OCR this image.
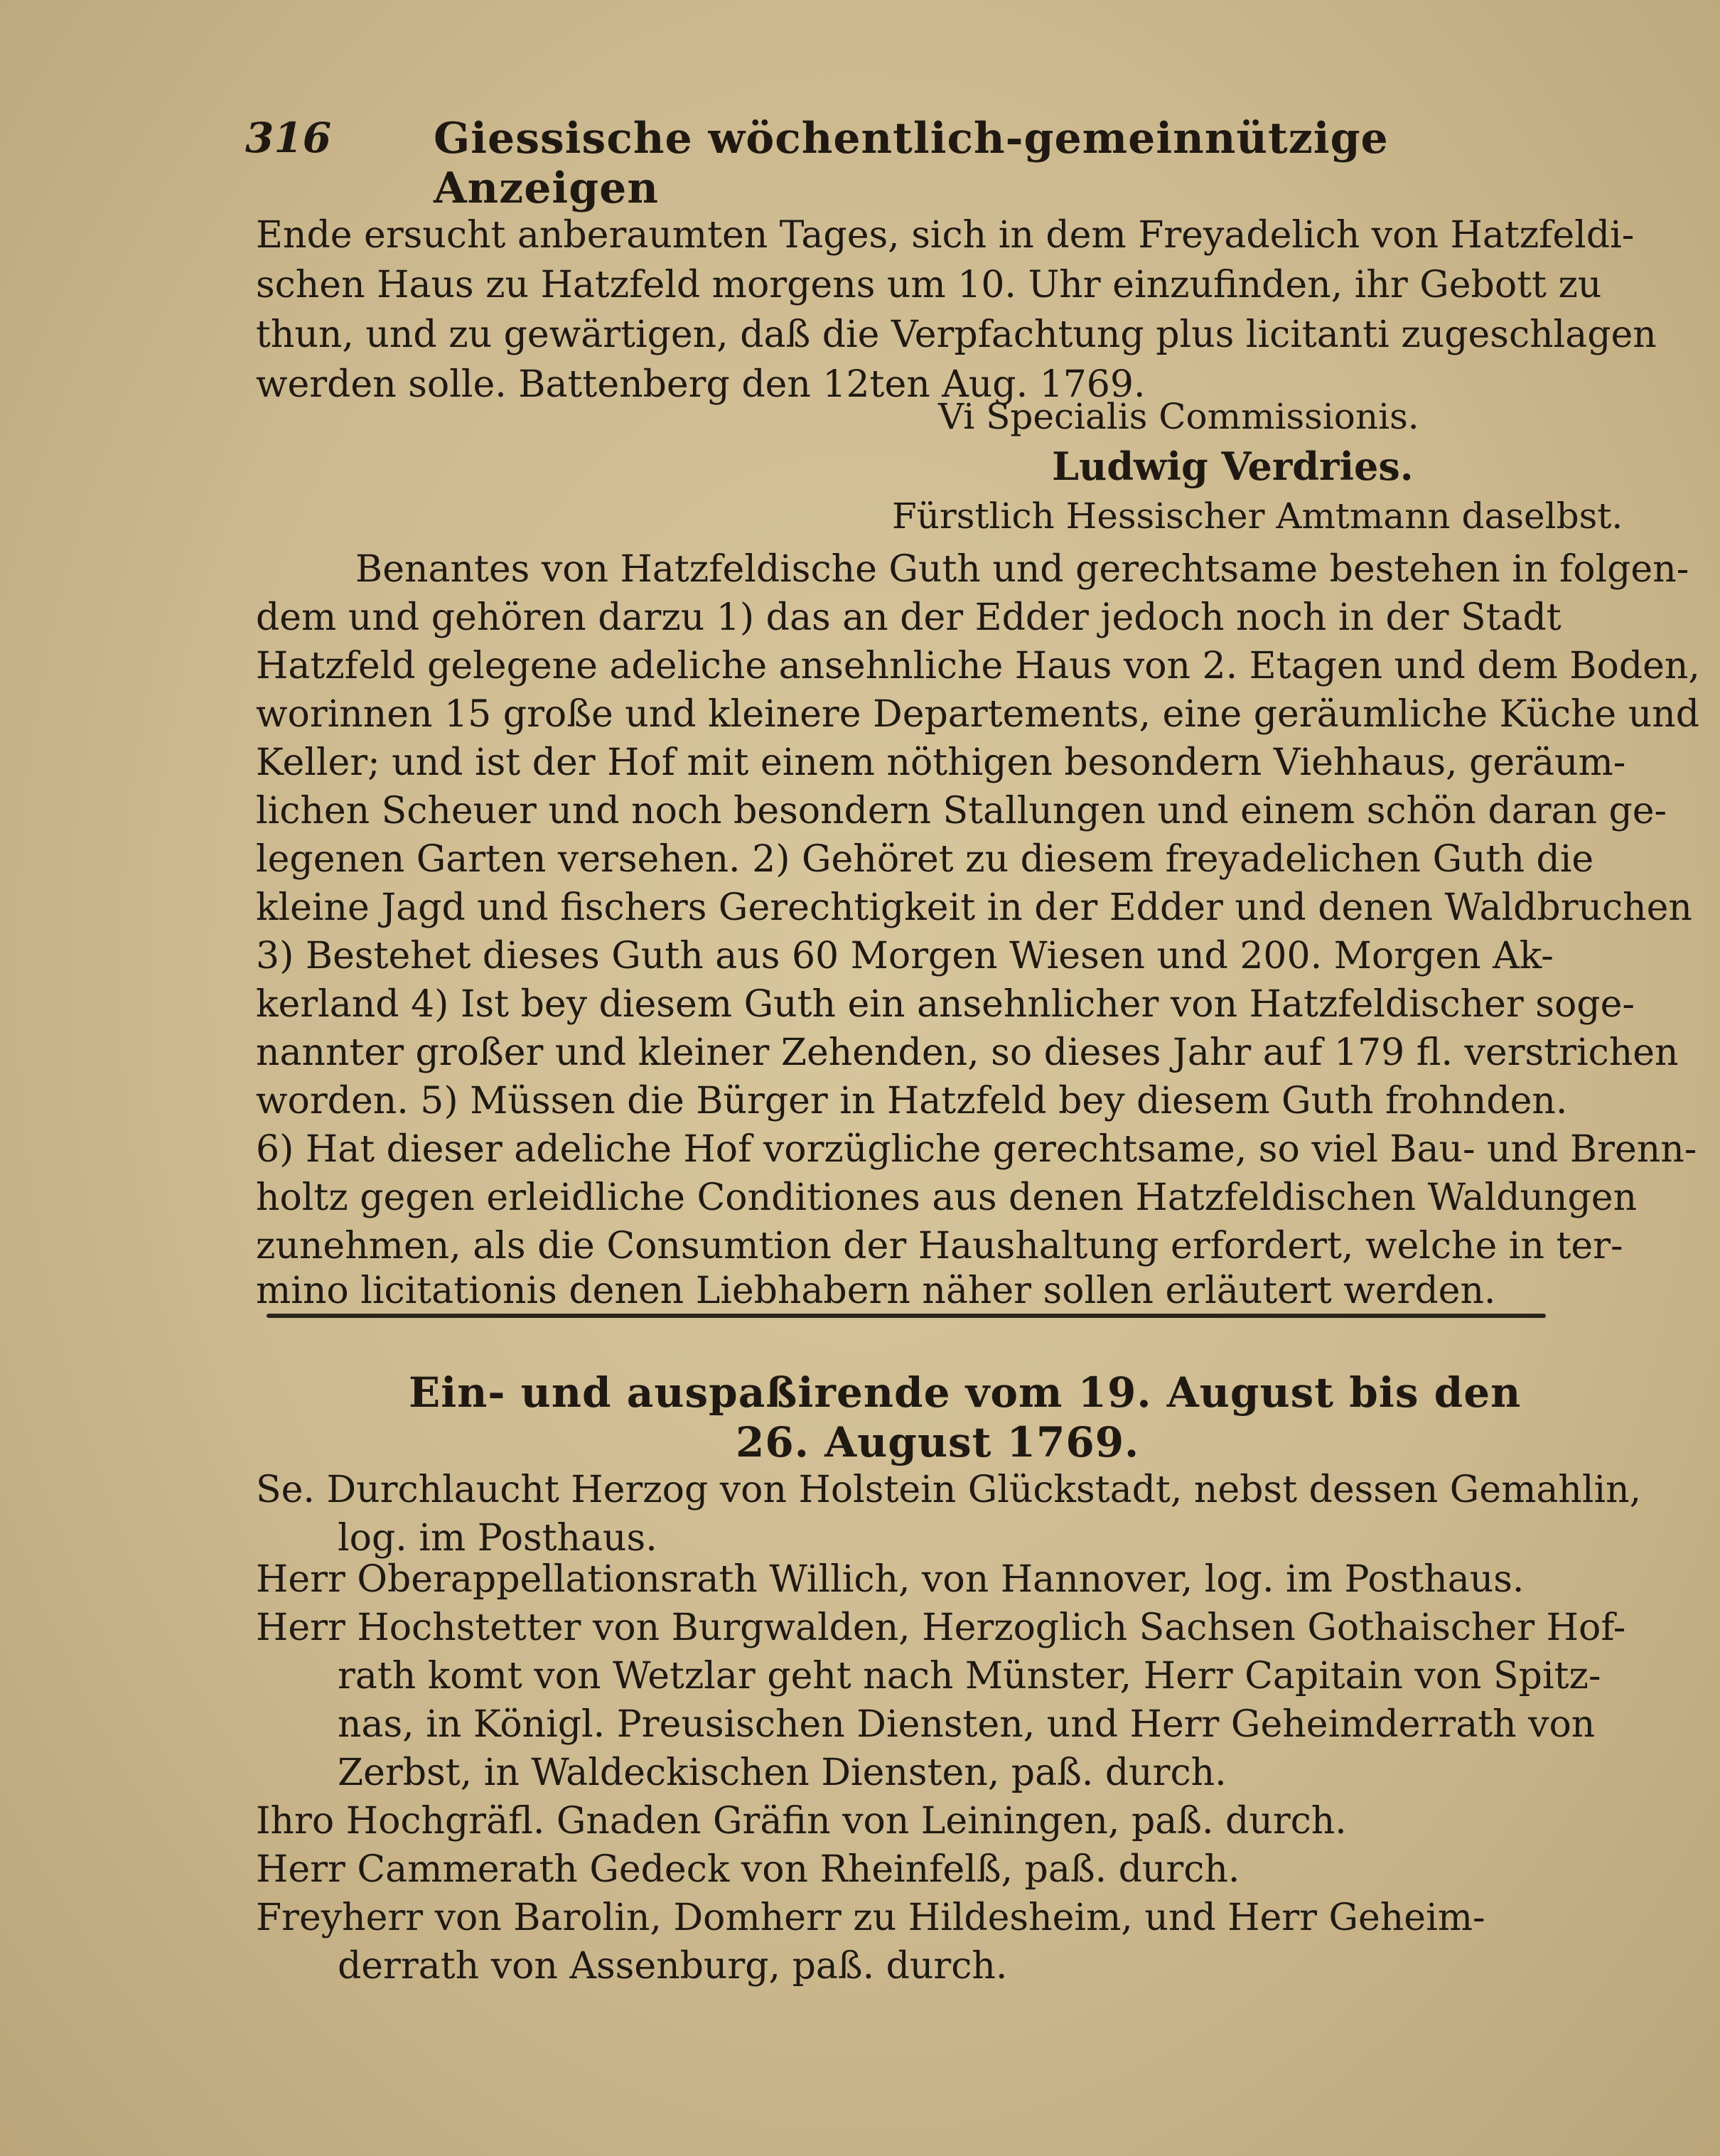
316 Giessische wöchentlich-gemeinnützige Anzeigen
Ende ersucht anberaumten Tages, sich in dem Freyadelich von Hatzfeldi-
schen Haus zu Hatzfeld morgens um 10. Uhr einzufinden, ihr Gebott zu
thun, und zu gewärtigen, daß die Verpfachtung plus licitanti zugeschlagen
werden solle. Battenberg den 12ten Aug. 1769.
Vi Specialis Commissionis.
Ludwig Verdries.
Fürstlich Hessischer Amtmann daselbst.
Benantes von Hatzfeldische Guth und gerechtsame bestehen in folgen-
dem und gehören darzu 1) das an der Edder jedoch noch in der Stadt
Hatzfeld gelegene adeliche ansehnliche Haus von 2. Etagen und dem Boden,
worinnen 15 große und kleinere Departements, eine geräumliche Küche und
Keller; und ist der Hof mit einem nöthigen besondern Viehhaus, geräum-
lichen Scheuer und noch besondern Stallungen und einem schön daran ge-
legenen Garten versehen. 2) Gehöret zu diesem freyadelichen Guth die
kleine Jagd und fischers Gerechtigkeit in der Edder und denen Waldbruchen
3) Bestehet dieses Guth aus 60 Morgen Wiesen und 200. Morgen Ak-
kerland 4) Ist bey diesem Guth ein ansehnlicher von Hatzfeldischer soge-
nannter großer und kleiner Zehenden, so dieses Jahr auf 179 fl. verstrichen
worden. 5) Müssen die Bürger in Hatzfeld bey diesem Guth frohnden.
6) Hat dieser adeliche Hof vorzügliche gerechtsame, so viel Bau- und Brenn-
holtz gegen erleidliche Conditiones aus denen Hatzfeldischen Waldungen
zunehmen, als die Consumtion der Haushaltung erfordert, welche in ter-
mino licitationis denen Liebhabern näher sollen erläutert werden.
Ein- und auspaßirende vom 19. August bis den
26. August 1769.
Se. Durchlaucht Herzog von Holstein Glückstadt, nebst dessen Gemahlin,
log. im Posthaus.
Herr Oberappellationsrath Willich, von Hannover, log. im Posthaus.
Herr Hochstetter von Burgwalden, Herzoglich Sachsen Gothaischer Hof-
rath komt von Wetzlar geht nach Münster, Herr Capitain von Spitz-
nas, in Königl. Preusischen Diensten, und Herr Geheimderrath von
Zerbst, in Waldeckischen Diensten, paß. durch.
Ihro Hochgräfl. Gnaden Gräfin von Leiningen, paß. durch.
Herr Cammerath Gedeck von Rheinfelß, paß. durch.
Freyherr von Barolin, Domherr zu Hildesheim, und Herr Geheim-
derrath von Assenburg, paß. durch.
